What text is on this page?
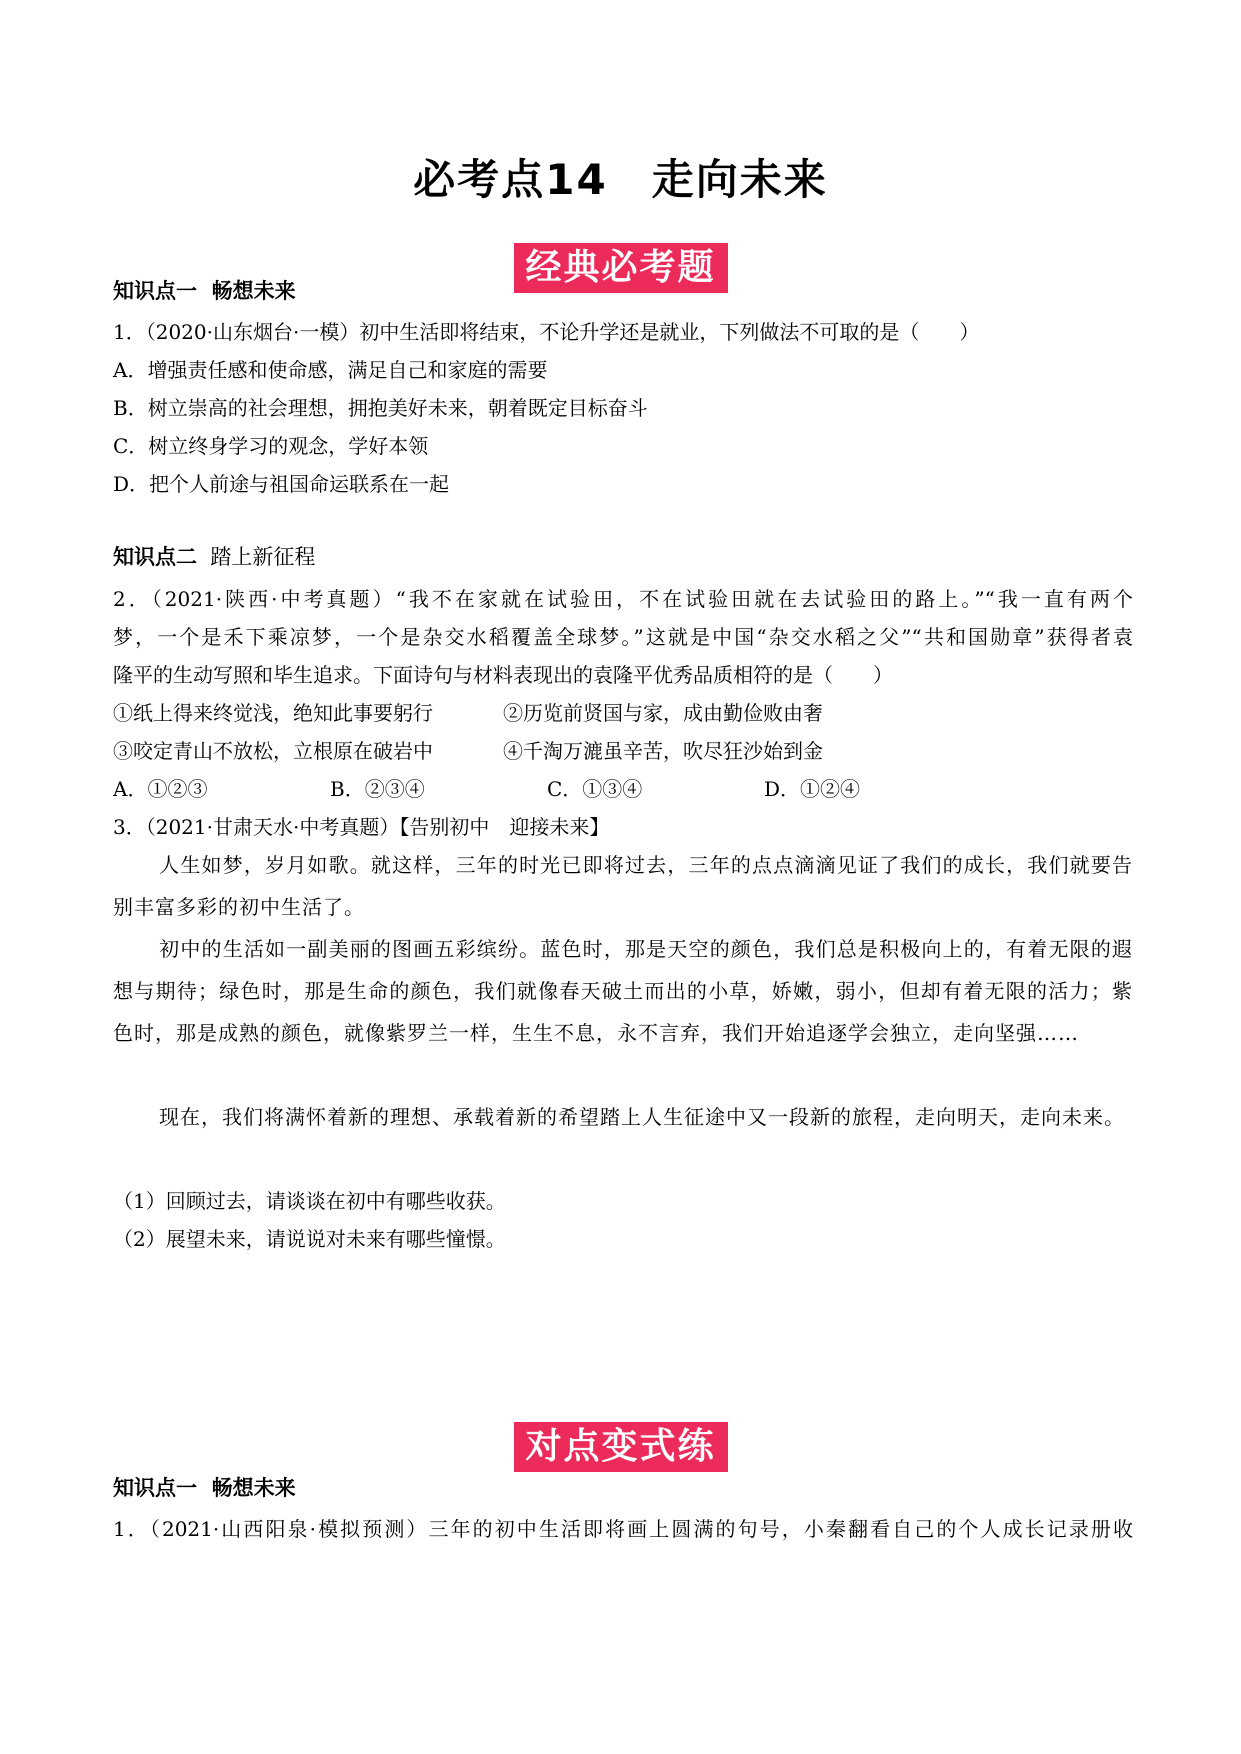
必考点14　走向未来
经典必考题
知识点一  畅想未来
1．（2020·山东烟台·一模）初中生活即将结束，不论升学还是就业，下列做法不可取的是（　　）
A．增强责任感和使命感，满足自己和家庭的需要
B．树立崇高的社会理想，拥抱美好未来，朝着既定目标奋斗
C．树立终身学习的观念，学好本领
D．把个人前途与祖国命运联系在一起
知识点二  踏上新征程
2．（2021·陕西·中考真题）“我不在家就在试验田，不在试验田就在去试验田的路上。”“我一直有两个
梦，一个是禾下乘凉梦，一个是杂交水稻覆盖全球梦。”这就是中国“杂交水稻之父”“共和国勋章”获得者袁
隆平的生动写照和毕生追求。下面诗句与材料表现出的袁隆平优秀品质相符的是（　　）
①纸上得来终觉浅，绝知此事要躬行	②历览前贤国与家，成由勤俭败由奢
③咬定青山不放松，立根原在破岩中	④千淘万漉虽辛苦，吹尽狂沙始到金
A．①②③	B．②③④	C．①③④	D．①②④
3．（2021·甘肃天水·中考真题）【告别初中　迎接未来】

人生如梦，岁月如歌。就这样，三年的时光已即将过去，三年的点点滴滴见证了我们的成长，我们就要告别丰富多彩的初中生活了。

初中的生活如一副美丽的图画五彩缤纷。蓝色时，那是天空的颜色，我们总是积极向上的，有着无限的遐想与期待；绿色时，那是生命的颜色，我们就像春天破土而出的小草，娇嫩，弱小，但却有着无限的活力；紫色时，那是成熟的颜色，就像紫罗兰一样，生生不息，永不言弃，我们开始追逐学会独立，走向坚强……

现在，我们将满怀着新的理想、承载着新的希望踏上人生征途中又一段新的旅程，走向明天，走向未来。

（1）回顾过去，请谈谈在初中有哪些收获。
（2）展望未来，请说说对未来有哪些憧憬。
对点变式练
知识点一  畅想未来
1．（2021·山西阳泉·模拟预测）三年的初中生活即将画上圆满的句号，小秦翻看自己的个人成长记录册收
